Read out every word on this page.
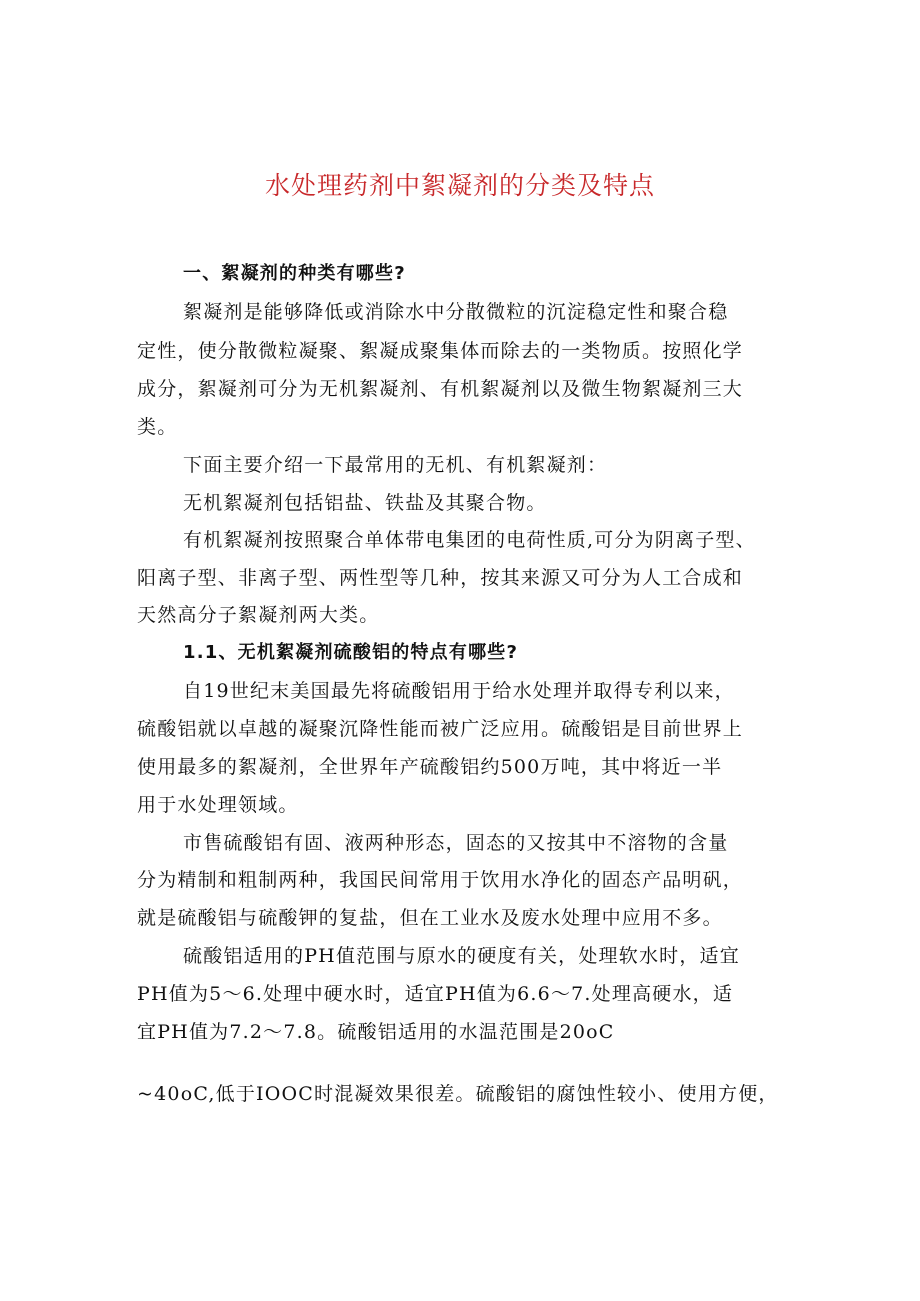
水处理药剂中絮凝剂的分类及特点
一、絮凝剂的种类有哪些?
絮凝剂是能够降低或消除水中分散微粒的沉淀稳定性和聚合稳
定性，使分散微粒凝聚、絮凝成聚集体而除去的一类物质。按照化学
成分，絮凝剂可分为无机絮凝剂、有机絮凝剂以及微生物絮凝剂三大
类。
下面主要介绍一下最常用的无机、有机絮凝剂：
无机絮凝剂包括铝盐、铁盐及其聚合物。
有机絮凝剂按照聚合单体带电集团的电荷性质,可分为阴离子型、
阳离子型、非离子型、两性型等几种，按其来源又可分为人工合成和
天然高分子絮凝剂两大类。
1.1、无机絮凝剂硫酸铝的特点有哪些?
自19世纪末美国最先将硫酸铝用于给水处理并取得专利以来，
硫酸铝就以卓越的凝聚沉降性能而被广泛应用。硫酸铝是目前世界上
使用最多的絮凝剂，全世界年产硫酸铝约500万吨，其中将近一半
用于水处理领域。
市售硫酸铝有固、液两种形态，固态的又按其中不溶物的含量
分为精制和粗制两种，我国民间常用于饮用水净化的固态产品明矾，
就是硫酸铝与硫酸钾的复盐，但在工业水及废水处理中应用不多。
硫酸铝适用的PH值范围与原水的硬度有关，处理软水时，适宜
PH值为5～6.处理中硬水时，适宜PH值为6.6～7.处理高硬水，适
宜PH值为7.2～7.8。硫酸铝适用的水温范围是20oC
~40oC,低于IOOC时混凝效果很差。硫酸铝的腐蚀性较小、使用方便，
